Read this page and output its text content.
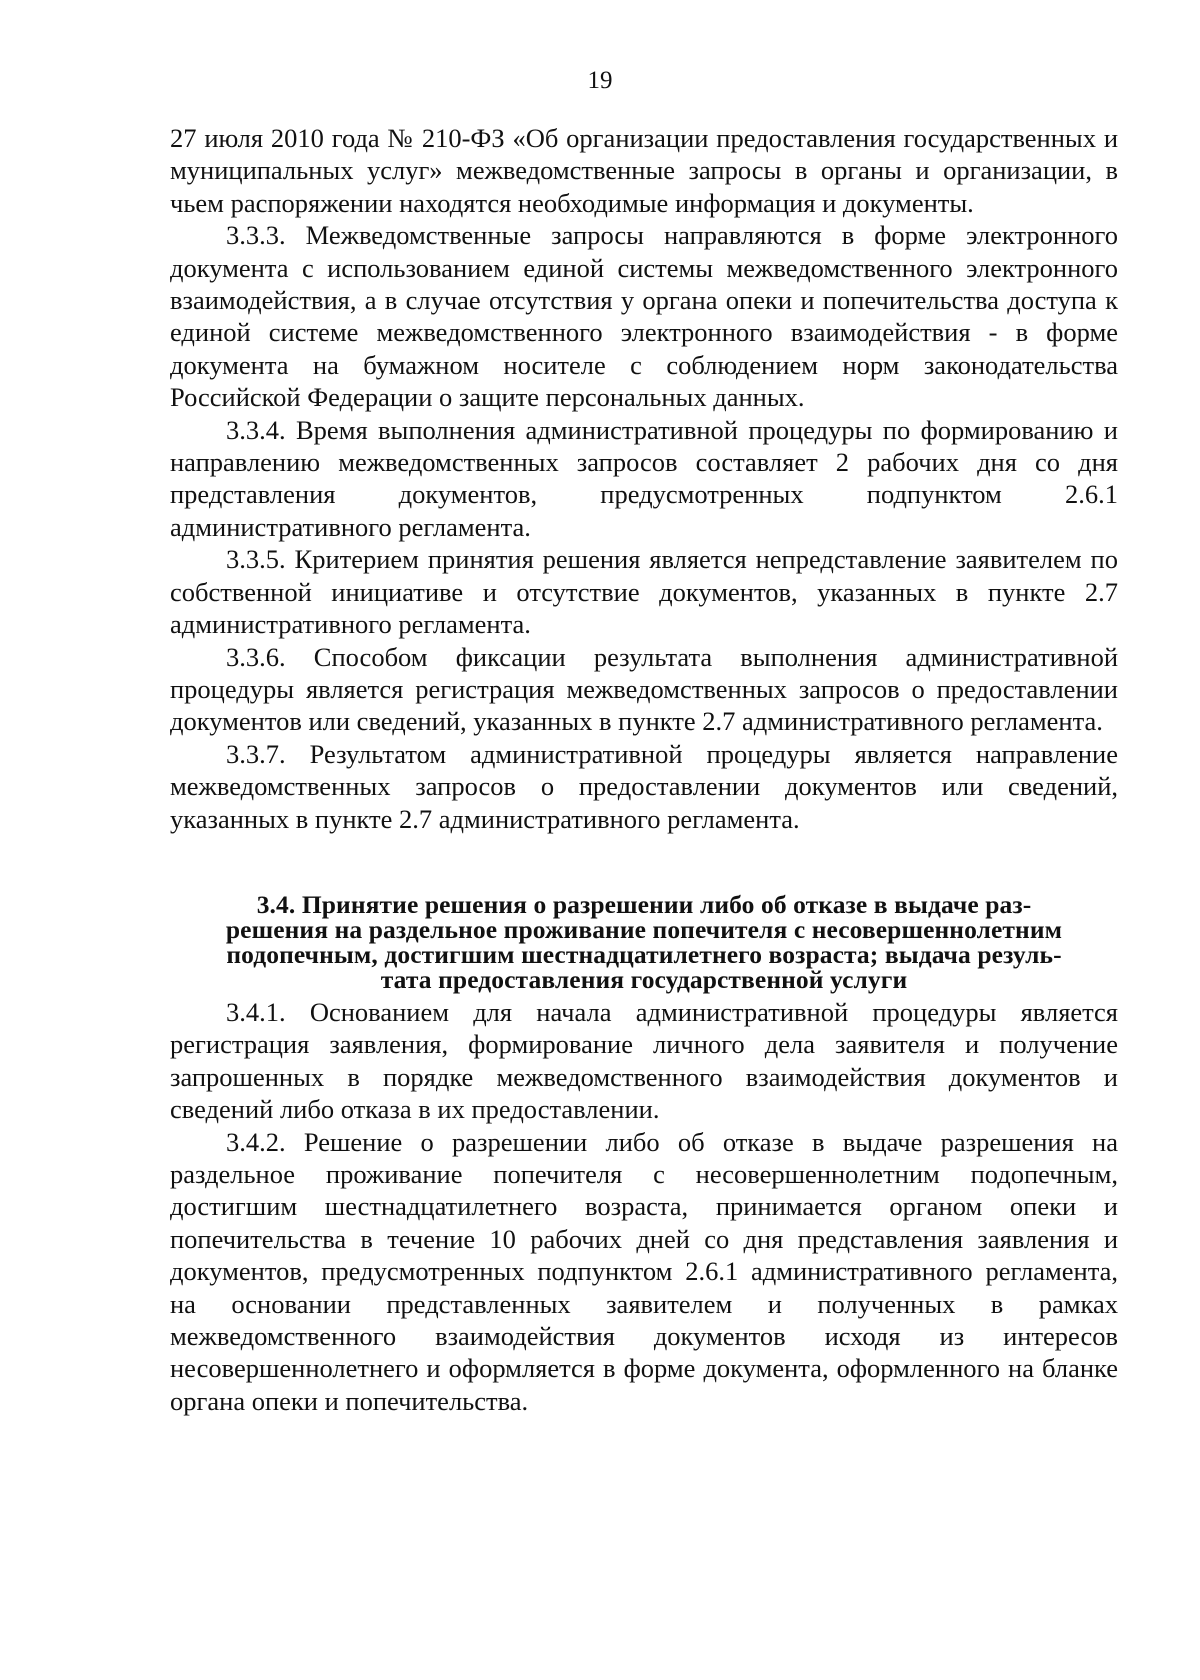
19

27 июля 2010 года № 210-ФЗ «Об организации предоставления государственных и муниципальных услуг» межведомственные запросы в органы и организации, в чьем распоряжении находятся необходимые информация и документы.

3.3.3. Межведомственные запросы направляются в форме электронного документа с использованием единой системы межведомственного электронного взаимодействия, а в случае отсутствия у органа опеки и попечительства доступа к единой системе межведомственного электронного взаимодействия - в форме документа на бумажном носителе с соблюдением норм законодательства Российской Федерации о защите персональных данных.

3.3.4. Время выполнения административной процедуры по формированию и направлению межведомственных запросов составляет 2 рабочих дня со дня представления документов, предусмотренных подпунктом 2.6.1 административного регламента.

3.3.5. Критерием принятия решения является непредставление заявителем по собственной инициативе и отсутствие документов, указанных в пункте 2.7 административного регламента.

3.3.6. Способом фиксации результата выполнения административной процедуры является регистрация межведомственных запросов о предоставлении документов или сведений, указанных в пункте 2.7 административного регламента.

3.3.7. Результатом административной процедуры является направление межведомственных запросов о предоставлении документов или сведений, указанных в пункте 2.7 административного регламента.

3.4. Принятие решения о разрешении либо об отказе в выдаче раз-
решения на раздельное проживание попечителя с несовершеннолетним
подопечным, достигшим шестнадцатилетнего возраста; выдача резуль-
тата предоставления государственной услуги

3.4.1. Основанием для начала административной процедуры является регистрация заявления, формирование личного дела заявителя и получение запрошенных в порядке межведомственного взаимодействия документов и сведений либо отказа в их предоставлении.

3.4.2. Решение о разрешении либо об отказе в выдаче разрешения на раздельное проживание попечителя с несовершеннолетним подопечным, достигшим шестнадцатилетнего возраста, принимается органом опеки и попечительства в течение 10 рабочих дней со дня представления заявления и документов, предусмотренных подпунктом 2.6.1 административного регламента, на основании представленных заявителем и полученных в рамках межведомственного взаимодействия документов исходя из интересов несовершеннолетнего и оформляется в форме документа, оформленного на бланке органа опеки и попечительства.
